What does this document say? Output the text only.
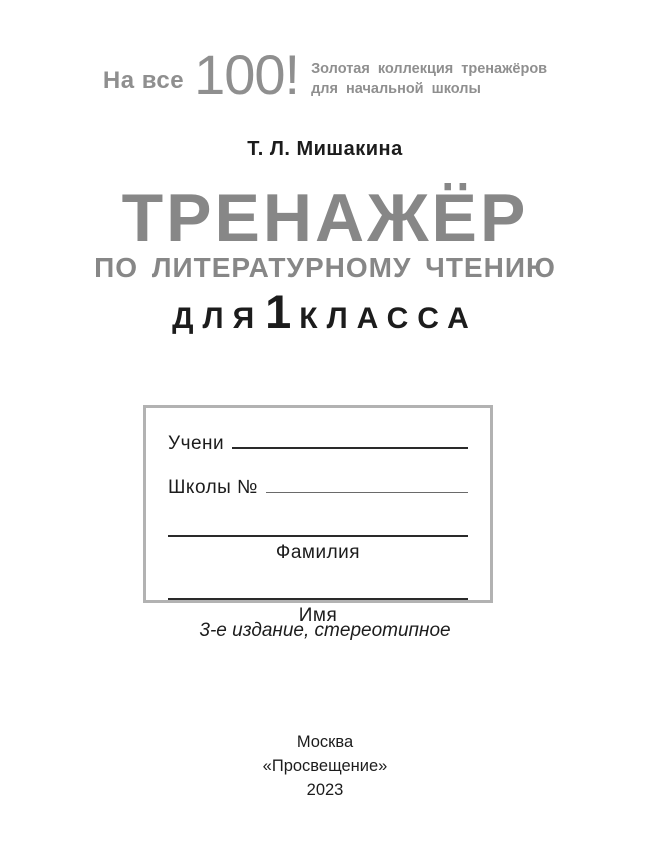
На все 100! Золотая коллекция тренажёров
для начальной школы
Т. Л. Мишакина
ТРЕНАЖЁР
ПО ЛИТЕРАТУРНОМУ ЧТЕНИЮ
ДЛЯ 1 КЛАССА
Учени
Школы №
Фамилия
Имя
3-е издание, стереотипное
Москва
«Просвещение»
2023
